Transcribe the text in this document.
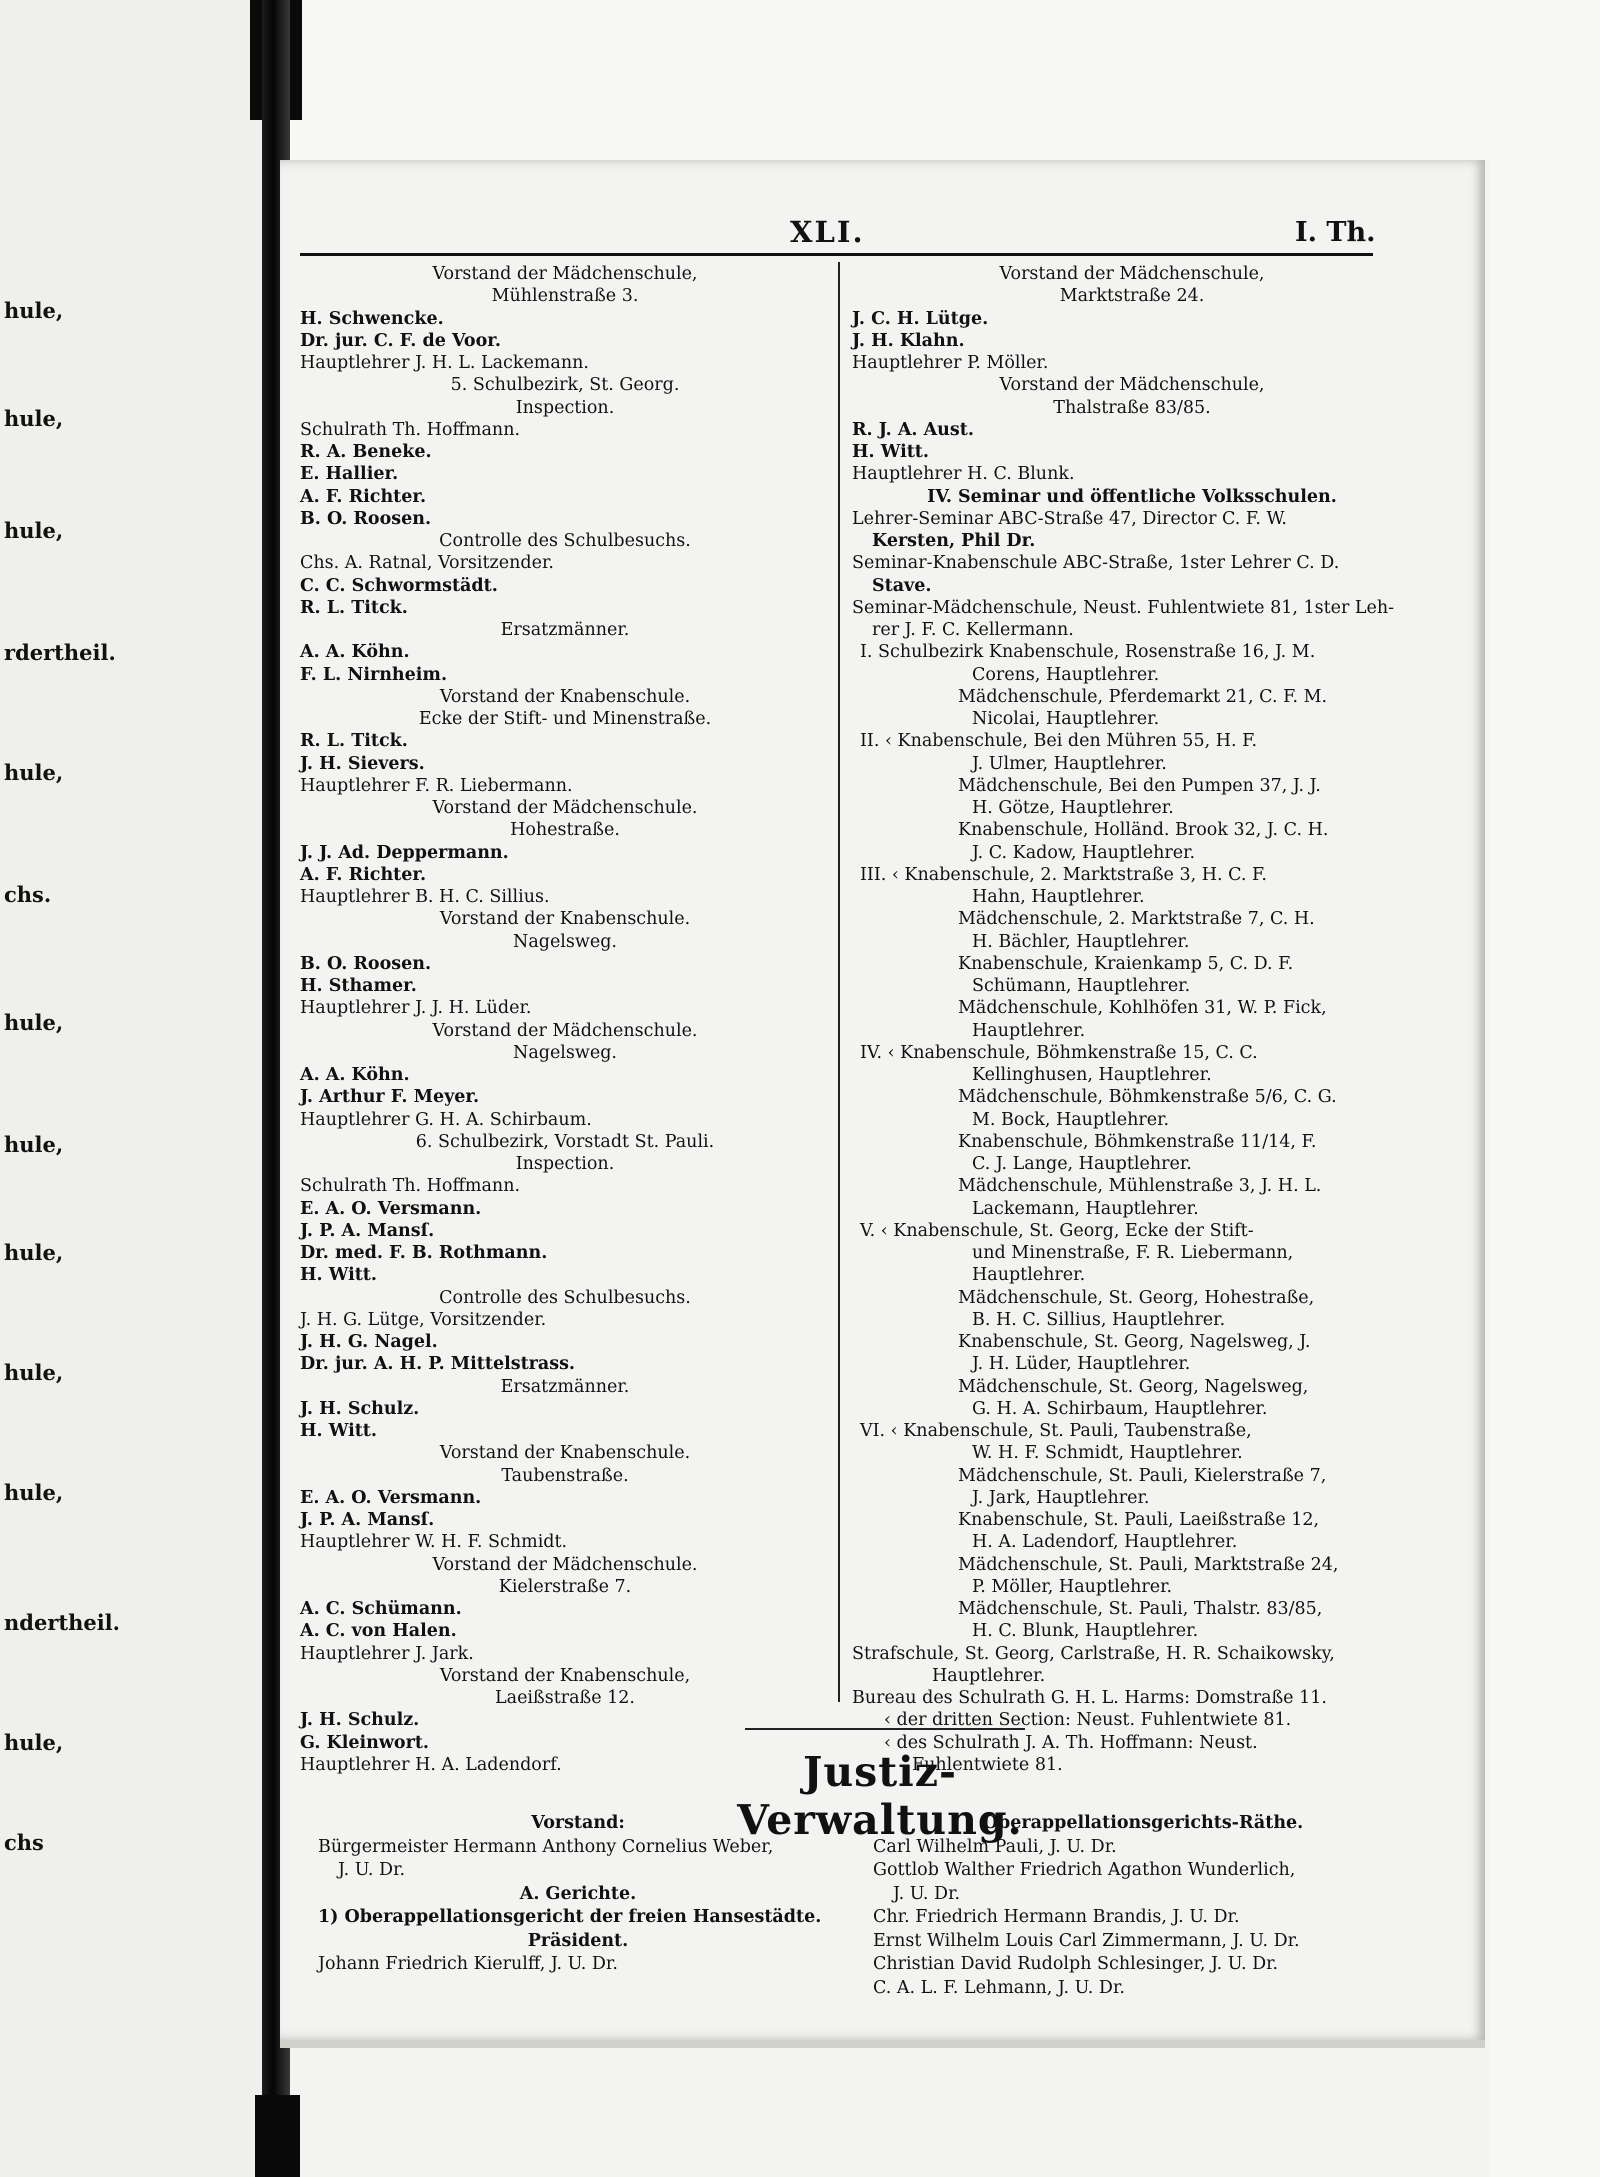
hule,
hule,
hule,
rdertheil.
hule,
chs.
hule,
hule,
hule,
hule,
hule,
ndertheil.
hule,
chs
XLI.	I. Th.
Justiz-Verwaltung.
Vorstand der Mädchenschule,
Mühlenstraße 3.
H. Schwencke.
Dr. jur. C. F. de Voor.
Hauptlehrer J. H. L. Lackemann.
5. Schulbezirk, St. Georg.
Inspection.
Schulrath Th. Hoffmann.
R. A. Beneke.
E. Hallier.
A. F. Richter.
B. O. Roosen.
Controlle des Schulbesuchs.
Chs. A. Ratnal, Vorsitzender.
C. C. Schwormstädt.
R. L. Titck.
Ersatzmänner.
A. A. Köhn.
F. L. Nirnheim.
Vorstand der Knabenschule.
Ecke der Stift- und Minenstraße.
R. L. Titck.
J. H. Sievers.
Hauptlehrer F. R. Liebermann.
Vorstand der Mädchenschule.
Hohestraße.
J. J. Ad. Deppermann.
A. F. Richter.
Hauptlehrer B. H. C. Sillius.
Vorstand der Knabenschule.
Nagelsweg.
B. O. Roosen.
H. Sthamer.
Hauptlehrer J. J. H. Lüder.
Vorstand der Mädchenschule.
Nagelsweg.
A. A. Köhn.
J. Arthur F. Meyer.
Hauptlehrer G. H. A. Schirbaum.
6. Schulbezirk, Vorstadt St. Pauli.
Inspection.
Schulrath Th. Hoffmann.
E. A. O. Versmann.
J. P. A. Mansſ.
Dr. med. F. B. Rothmann.
H. Witt.
Controlle des Schulbesuchs.
J. H. G. Lütge, Vorsitzender.
J. H. G. Nagel.
Dr. jur. A. H. P. Mittelstrass.
Ersatzmänner.
J. H. Schulz.
H. Witt.
Vorstand der Knabenschule.
Taubenstraße.
E. A. O. Versmann.
J. P. A. Mansſ.
Hauptlehrer W. H. F. Schmidt.
Vorstand der Mädchenschule.
Kielerstraße 7.
A. C. Schümann.
A. C. von Halen.
Hauptlehrer J. Jark.
Vorstand der Knabenschule,
Laeißstraße 12.
J. H. Schulz.
G. Kleinwort.
Hauptlehrer H. A. Ladendorf.
Vorstand der Mädchenschule,
Marktstraße 24.
J. C. H. Lütge.
J. H. Klahn.
Hauptlehrer P. Möller.
Vorstand der Mädchenschule,
Thalstraße 83/85.
R. J. A. Aust.
H. Witt.
Hauptlehrer H. C. Blunk.
IV. Seminar und öffentliche Volksschulen.
Lehrer-Seminar ABC-Straße 47, Director C. F. W.
Kersten, Phil Dr.
Seminar-Knabenschule ABC-Straße, 1ster Lehrer C. D.
Stave.
Seminar-Mädchenschule, Neust. Fuhlentwiete 81, 1ster Leh-
rer J. F. C. Kellermann.
I. Schulbezirk Knabenschule, Rosenstraße 16, J. M.
Corens, Hauptlehrer.
Mädchenschule, Pferdemarkt 21, C. F. M.
Nicolai, Hauptlehrer.
II. ‹ Knabenschule, Bei den Mühren 55, H. F.
J. Ulmer, Hauptlehrer.
Mädchenschule, Bei den Pumpen 37, J. J.
H. Götze, Hauptlehrer.
Knabenschule, Holländ. Brook 32, J. C. H.
J. C. Kadow, Hauptlehrer.
III. ‹ Knabenschule, 2. Marktstraße 3, H. C. F.
Hahn, Hauptlehrer.
Mädchenschule, 2. Marktstraße 7, C. H.
H. Bächler, Hauptlehrer.
Knabenschule, Kraienkamp 5, C. D. F.
Schümann, Hauptlehrer.
Mädchenschule, Kohlhöfen 31, W. P. Fick,
Hauptlehrer.
IV. ‹ Knabenschule, Böhmkenstraße 15, C. C.
Kellinghusen, Hauptlehrer.
Mädchenschule, Böhmkenstraße 5/6, C. G.
M. Bock, Hauptlehrer.
Knabenschule, Böhmkenstraße 11/14, F.
C. J. Lange, Hauptlehrer.
Mädchenschule, Mühlenstraße 3, J. H. L.
Lackemann, Hauptlehrer.
V. ‹ Knabenschule, St. Georg, Ecke der Stift-
und Minenstraße, F. R. Liebermann,
Hauptlehrer.
Mädchenschule, St. Georg, Hohestraße,
B. H. C. Sillius, Hauptlehrer.
Knabenschule, St. Georg, Nagelsweg, J.
J. H. Lüder, Hauptlehrer.
Mädchenschule, St. Georg, Nagelsweg,
G. H. A. Schirbaum, Hauptlehrer.
VI. ‹ Knabenschule, St. Pauli, Taubenstraße,
W. H. F. Schmidt, Hauptlehrer.
Mädchenschule, St. Pauli, Kielerstraße 7,
J. Jark, Hauptlehrer.
Knabenschule, St. Pauli, Laeißstraße 12,
H. A. Ladendorf, Hauptlehrer.
Mädchenschule, St. Pauli, Marktstraße 24,
P. Möller, Hauptlehrer.
Mädchenschule, St. Pauli, Thalstr. 83/85,
H. C. Blunk, Hauptlehrer.
Strafschule, St. Georg, Carlstraße, H. R. Schaikowsky,
Hauptlehrer.
Bureau des Schulrath G. H. L. Harms: Domstraße 11.
‹ der dritten Section: Neust. Fuhlentwiete 81.
‹ des Schulrath J. A. Th. Hoffmann: Neust.
Fuhlentwiete 81.
Vorstand:
Bürgermeister Hermann Anthony Cornelius Weber,
J. U. Dr.
A. Gerichte.
1) Oberappellationsgericht der freien Hansestädte.
Präsident.
Johann Friedrich Kierulff, J. U. Dr.
Oberappellationsgerichts-Räthe.
Carl Wilhelm Pauli, J. U. Dr.
Gottlob Walther Friedrich Agathon Wunderlich,
J. U. Dr.
Chr. Friedrich Hermann Brandis, J. U. Dr.
Ernst Wilhelm Louis Carl Zimmermann, J. U. Dr.
Christian David Rudolph Schlesinger, J. U. Dr.
C. A. L. F. Lehmann, J. U. Dr.
